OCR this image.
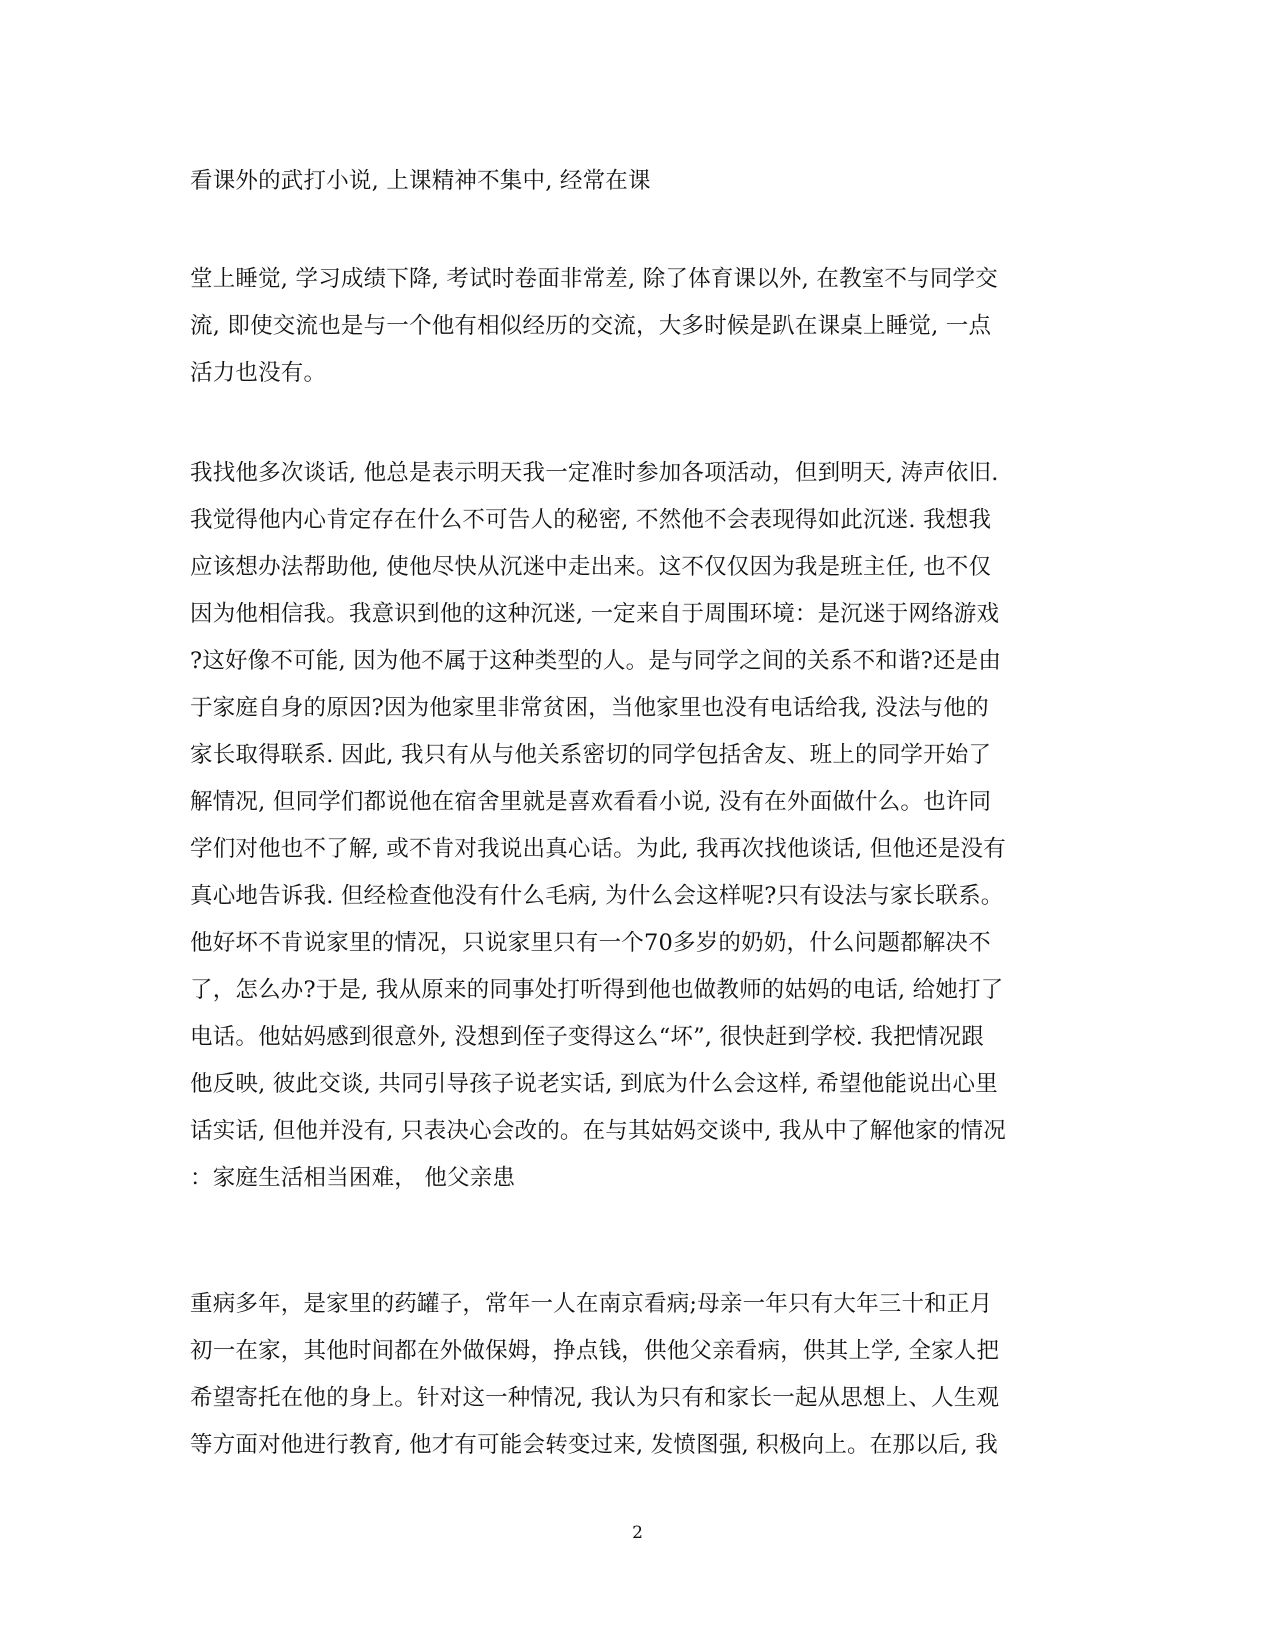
看课外的武打小说, 上课精神不集中, 经常在课

堂上睡觉, 学习成绩下降, 考试时卷面非常差, 除了体育课以外, 在教室不与同学交
流, 即使交流也是与一个他有相似经历的交流，大多时候是趴在课桌上睡觉, 一点
活力也没有。

我找他多次谈话, 他总是表示明天我一定准时参加各项活动，但到明天, 涛声依旧.
我觉得他内心肯定存在什么不可告人的秘密, 不然他不会表现得如此沉迷. 我想我
应该想办法帮助他, 使他尽快从沉迷中走出来。这不仅仅因为我是班主任, 也不仅
因为他相信我。我意识到他的这种沉迷, 一定来自于周围环境：是沉迷于网络游戏
?这好像不可能, 因为他不属于这种类型的人。是与同学之间的关系不和谐?还是由
于家庭自身的原因?因为他家里非常贫困，当他家里也没有电话给我, 没法与他的
家长取得联系. 因此, 我只有从与他关系密切的同学包括舍友、班上的同学开始了
解情况, 但同学们都说他在宿舍里就是喜欢看看小说, 没有在外面做什么。也许同
学们对他也不了解, 或不肯对我说出真心话。为此, 我再次找他谈话, 但他还是没有
真心地告诉我. 但经检查他没有什么毛病, 为什么会这样呢?只有设法与家长联系。
他好坏不肯说家里的情况，只说家里只有一个70多岁的奶奶，什么问题都解决不
了，怎么办?于是, 我从原来的同事处打听得到他也做教师的姑妈的电话, 给她打了
电话。他姑妈感到很意外, 没想到侄子变得这么“坏”, 很快赶到学校. 我把情况跟
他反映, 彼此交谈, 共同引导孩子说老实话, 到底为什么会这样, 希望他能说出心里
话实话, 但他并没有, 只表决心会改的。在与其姑妈交谈中, 我从中了解他家的情况
：家庭生活相当困难， 他父亲患

重病多年，是家里的药罐子，常年一人在南京看病;母亲一年只有大年三十和正月
初一在家，其他时间都在外做保姆，挣点钱，供他父亲看病，供其上学, 全家人把
希望寄托在他的身上。针对这一种情况, 我认为只有和家长一起从思想上、人生观
等方面对他进行教育, 他才有可能会转变过来, 发愤图强, 积极向上。在那以后, 我

2
